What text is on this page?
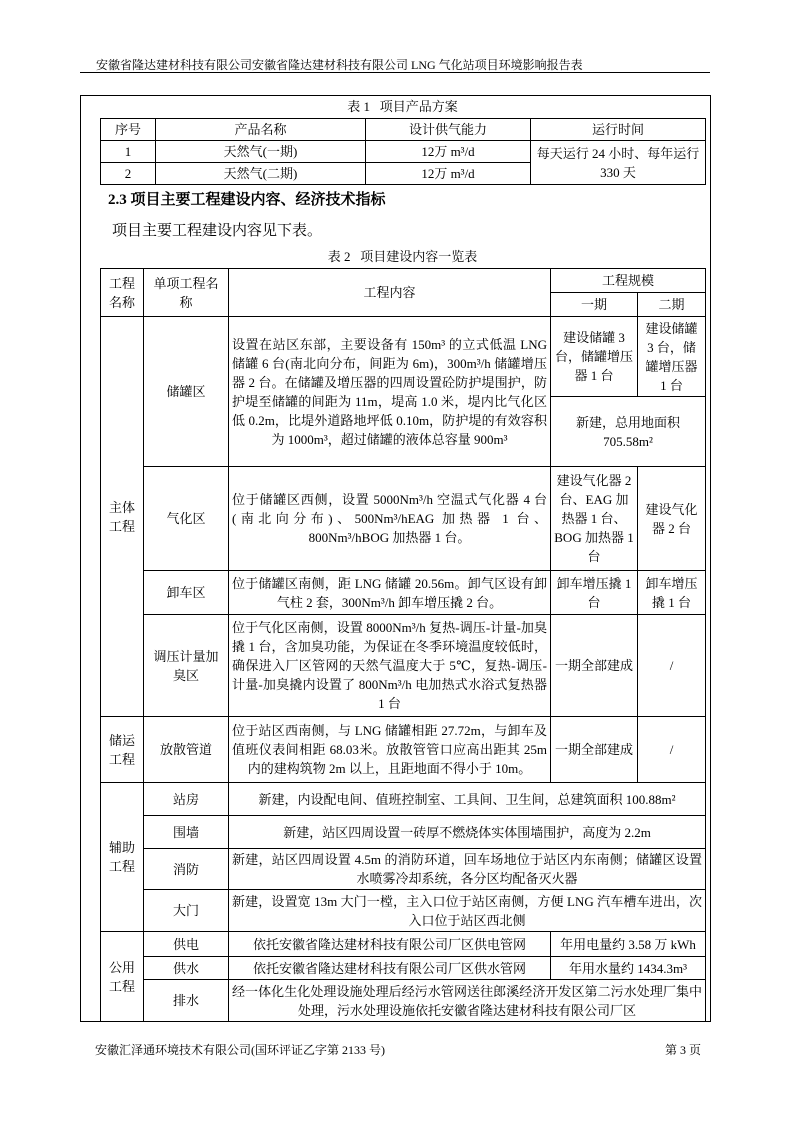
安徽省隆达建材科技有限公司安徽省隆达建材科技有限公司 LNG 气化站项目环境影响报告表
表 1   项目产品方案
序号	产品名称	设计供气能力	运行时间
1	天然气(一期)	12万 m³/d	每天运行 24 小时、每年运行 330 天
2	天然气(二期)	12万 m³/d	
2.3 项目主要工程建设内容、经济技术指标
项目主要工程建设内容见下表。
表 2   项目建设内容一览表
工程名称	单项工程名称	工程内容	工程规模	
			一期	二期
主体工程	储罐区	设置在站区东部，主要设备有 150m³ 的立式低温 LNG 储罐 6 台(南北向分布，间距为 6m)，300m³/h 储罐增压器 2 台。在储罐及增压器的四周设置砼防护堤围护，防护堤至储罐的间距为 11m，堤高 1.0 米，堤内比气化区低 0.2m，比堤外道路地坪低 0.10m，防护堤的有效容积为 1000m³，超过储罐的液体总容量 900m³	建设储罐 3 台，储罐增压器 1 台	建设储罐 3 台，储罐增压器 1 台
			新建，总用地面积 705.58m²	
	气化区	位于储罐区西侧，设置 5000Nm³/h 空温式气化器 4 台(南北向分布)、500Nm³/hEAG 加热器 1 台、800Nm³/hBOG 加热器 1 台。	建设气化器 2 台、EAG 加热器 1 台、BOG 加热器 1 台	建设气化器 2 台
	卸车区	位于储罐区南侧，距 LNG 储罐 20.56m。卸气区设有卸气柱 2 套，300Nm³/h 卸车增压撬 2 台。	卸车增压撬 1 台	卸车增压撬 1 台
	调压计量加臭区	位于气化区南侧，设置 8000Nm³/h 复热-调压-计量-加臭撬 1 台，含加臭功能，为保证在冬季环境温度较低时，确保进入厂区管网的天然气温度大于 5℃，复热-调压-计量-加臭撬内设置了 800Nm³/h 电加热式水浴式复热器 1 台	一期全部建成	/
储运工程	放散管道	位于站区西南侧，与 LNG 储罐相距 27.72m，与卸车及值班仪表间相距 68.03米。放散管管口应高出距其 25m 内的建构筑物 2m 以上，且距地面不得小于 10m。	一期全部建成	/
辅助工程	站房	新建，内设配电间、值班控制室、工具间、卫生间，总建筑面积 100.88m²		
	围墙	新建，站区四周设置一砖厚不燃烧体实体围墙围护，高度为 2.2m		
	消防	新建，站区四周设置 4.5m 的消防环道，回车场地位于站区内东南侧；储罐区设置水喷雾冷却系统，各分区均配备灭火器		
	大门	新建，设置宽 13m 大门一樘，主入口位于站区南侧，方便 LNG 汽车槽车进出，次入口位于站区西北侧		
公用工程	供电	依托安徽省隆达建材科技有限公司厂区供电管网	年用电量约 3.58 万 kWh	
	供水	依托安徽省隆达建材科技有限公司厂区供水管网	年用水量约 1434.3m³	
	排水	经一体化生化处理设施处理后经污水管网送往郎溪经济开发区第二污水处理厂集中处理，污水处理设施依托安徽省隆达建材科技有限公司厂区		
安徽汇泽通环境技术有限公司(国环评证乙字第 2133 号)	第 3 页
